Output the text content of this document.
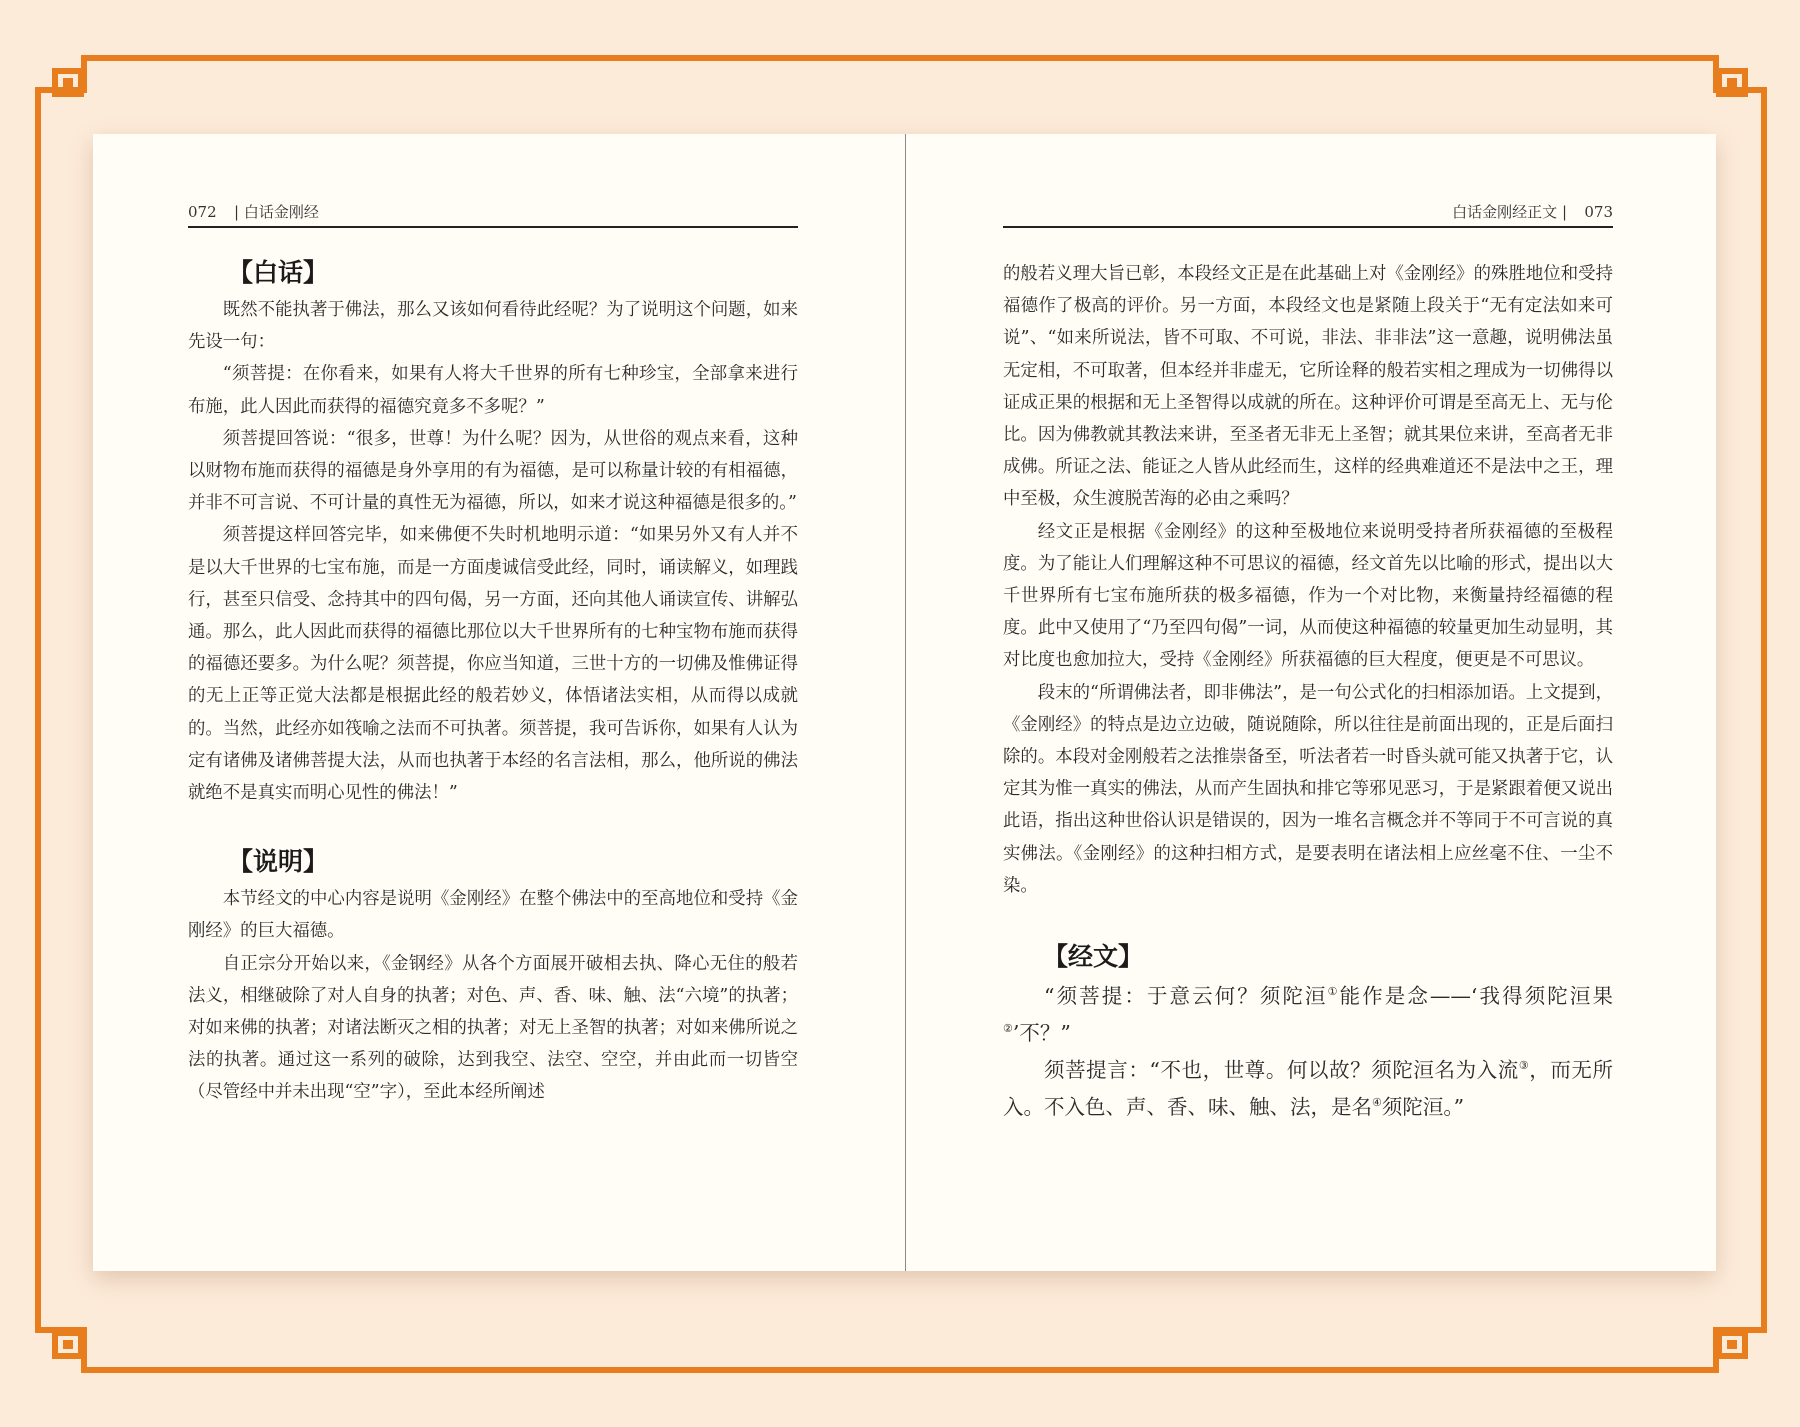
072 | 白话金刚经
【白话】

既然不能执著于佛法，那么又该如何看待此经呢？为了说明这个问题，如来先设一句：

“须菩提：在你看来，如果有人将大千世界的所有七种珍宝，全部拿来进行布施，此人因此而获得的福德究竟多不多呢？”

须菩提回答说：“很多，世尊！为什么呢？因为，从世俗的观点来看，这种以财物布施而获得的福德是身外享用的有为福德，是可以称量计较的有相福德，并非不可言说、不可计量的真性无为福德，所以，如来才说这种福德是很多的。”

须菩提这样回答完毕，如来佛便不失时机地明示道：“如果另外又有人并不是以大千世界的七宝布施，而是一方面虔诚信受此经，同时，诵读解义，如理践行，甚至只信受、念持其中的四句偈，另一方面，还向其他人诵读宣传、讲解弘通。那么，此人因此而获得的福德比那位以大千世界所有的七种宝物布施而获得的福德还要多。为什么呢？须菩提，你应当知道，三世十方的一切佛及惟佛证得的无上正等正觉大法都是根据此经的般若妙义，体悟诸法实相，从而得以成就的。当然，此经亦如筏喻之法而不可执著。须菩提，我可告诉你，如果有人认为定有诸佛及诸佛菩提大法，从而也执著于本经的名言法相，那么，他所说的佛法就绝不是真实而明心见性的佛法！”

【说明】

本节经文的中心内容是说明《金刚经》在整个佛法中的至高地位和受持《金刚经》的巨大福德。

自正宗分开始以来，《金钢经》从各个方面展开破相去执、降心无住的般若法义，相继破除了对人自身的执著；对色、声、香、味、触、法“六境”的执著；对如来佛的执著；对诸法断灭之相的执著；对无上圣智的执著；对如来佛所说之法的执著。通过这一系列的破除，达到我空、法空、空空，并由此而一切皆空（尽管经中并未出现“空”字），至此本经所阐述

白话金刚经正文 | 073

的般若义理大旨已彰，本段经文正是在此基础上对《金刚经》的殊胜地位和受持福德作了极高的评价。另一方面，本段经文也是紧随上段关于“无有定法如来可说”、“如来所说法，皆不可取、不可说，非法、非非法”这一意趣，说明佛法虽无定相，不可取著，但本经并非虚无，它所诠释的般若实相之理成为一切佛得以证成正果的根据和无上圣智得以成就的所在。这种评价可谓是至高无上、无与伦比。因为佛教就其教法来讲，至圣者无非无上圣智；就其果位来讲，至高者无非成佛。所证之法、能证之人皆从此经而生，这样的经典难道还不是法中之王，理中至极，众生渡脱苦海的必由之乘吗？

经文正是根据《金刚经》的这种至极地位来说明受持者所获福德的至极程度。为了能让人们理解这种不可思议的福德，经文首先以比喻的形式，提出以大千世界所有七宝布施所获的极多福德，作为一个对比物，来衡量持经福德的程度。此中又使用了“乃至四句偈”一词，从而使这种福德的较量更加生动显明，其对比度也愈加拉大，受持《金刚经》所获福德的巨大程度，便更是不可思议。

段末的“所谓佛法者，即非佛法”，是一句公式化的扫相添加语。上文提到，《金刚经》的特点是边立边破，随说随除，所以往往是前面出现的，正是后面扫除的。本段对金刚般若之法推崇备至，听法者若一时昏头就可能又执著于它，认定其为惟一真实的佛法，从而产生固执和排它等邪见恶习，于是紧跟着便又说出此语，指出这种世俗认识是错误的，因为一堆名言概念并不等同于不可言说的真实佛法。《金刚经》的这种扫相方式，是要表明在诸法相上应丝毫不住、一尘不染。

【经文】

“须菩提：于意云何？须陀洹①能作是念——‘我得须陀洹果②’不？”

须菩提言：“不也，世尊。何以故？须陀洹名为入流③，而无所入。不入色、声、香、味、触、法，是名④须陀洹。”
